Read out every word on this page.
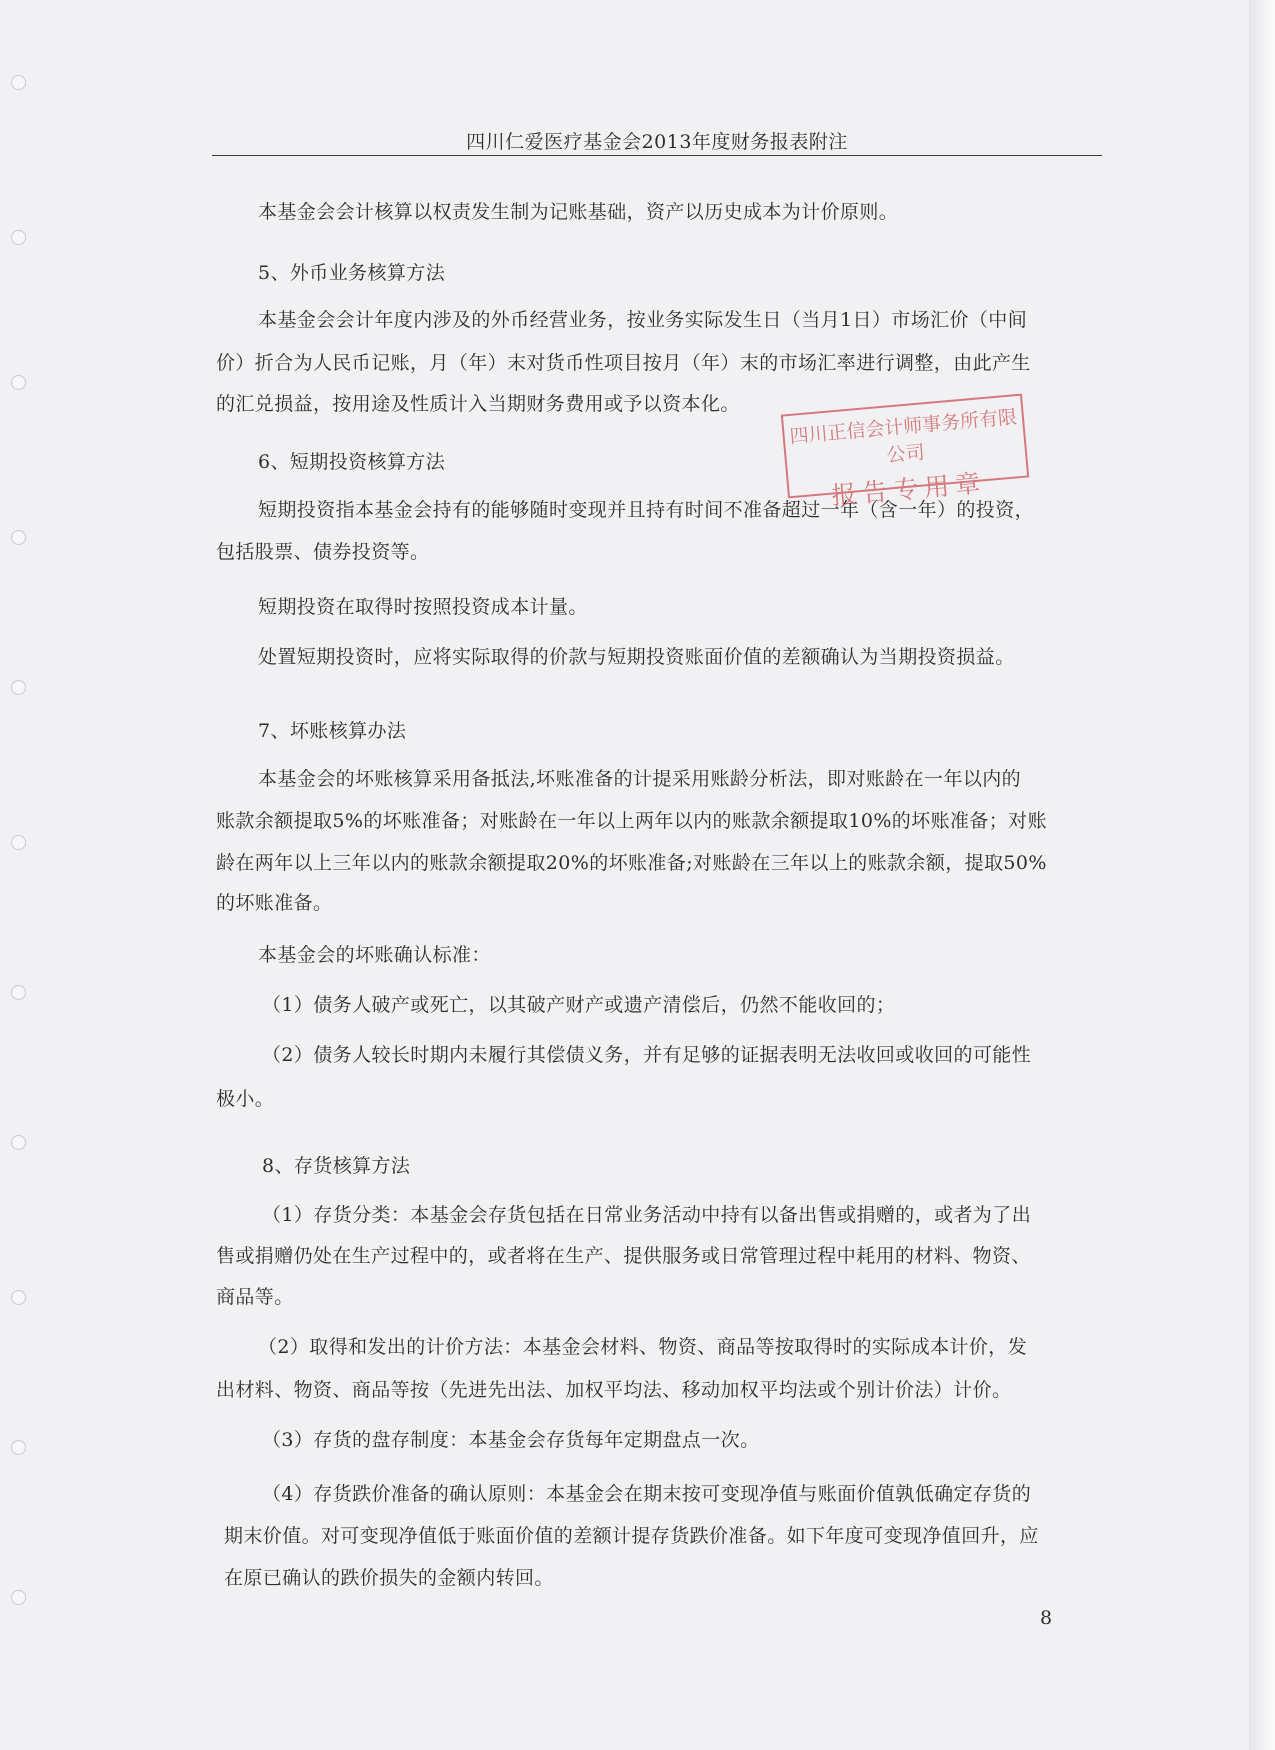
四川仁爱医疗基金会2013年度财务报表附注
本基金会会计核算以权责发生制为记账基础，资产以历史成本为计价原则。
5、外币业务核算方法
本基金会会计年度内涉及的外币经营业务，按业务实际发生日（当月1日）市场汇价（中间
价）折合为人民币记账，月（年）末对货币性项目按月（年）末的市场汇率进行调整，由此产生
的汇兑损益，按用途及性质计入当期财务费用或予以资本化。
6、短期投资核算方法
短期投资指本基金会持有的能够随时变现并且持有时间不准备超过一年（含一年）的投资，
包括股票、债券投资等。
短期投资在取得时按照投资成本计量。
处置短期投资时，应将实际取得的价款与短期投资账面价值的差额确认为当期投资损益。
7、坏账核算办法
本基金会的坏账核算采用备抵法,坏账准备的计提采用账龄分析法，即对账龄在一年以内的
账款余额提取5%的坏账准备；对账龄在一年以上两年以内的账款余额提取10%的坏账准备；对账
龄在两年以上三年以内的账款余额提取20%的坏账准备;对账龄在三年以上的账款余额，提取50%
的坏账准备。
本基金会的坏账确认标准：
（1）债务人破产或死亡，以其破产财产或遗产清偿后，仍然不能收回的；
（2）债务人较长时期内未履行其偿债义务，并有足够的证据表明无法收回或收回的可能性
极小。
8、存货核算方法
（1）存货分类：本基金会存货包括在日常业务活动中持有以备出售或捐赠的，或者为了出
售或捐赠仍处在生产过程中的，或者将在生产、提供服务或日常管理过程中耗用的材料、物资、
商品等。
（2）取得和发出的计价方法：本基金会材料、物资、商品等按取得时的实际成本计价，发
出材料、物资、商品等按（先进先出法、加权平均法、移动加权平均法或个别计价法）计价。
（3）存货的盘存制度：本基金会存货每年定期盘点一次。
（4）存货跌价准备的确认原则：本基金会在期末按可变现净值与账面价值孰低确定存货的
期末价值。对可变现净值低于账面价值的差额计提存货跌价准备。如下年度可变现净值回升，应
在原已确认的跌价损失的金额内转回。
四川正信会计师事务所有限公司
报告专用章
8
